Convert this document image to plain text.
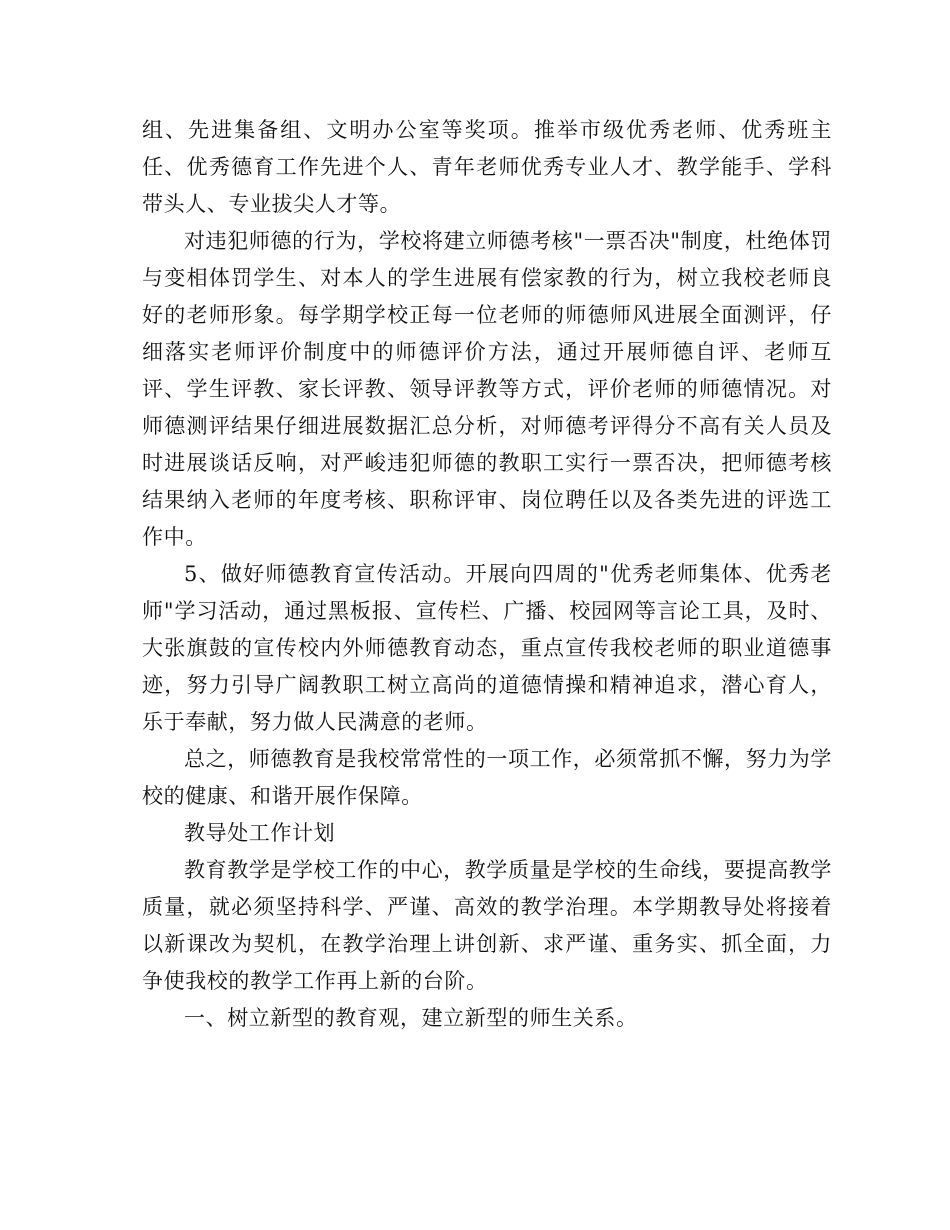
组、先进集备组、文明办公室等奖项。推举市级优秀老师、优秀班主任、优秀德育工作先进个人、青年老师优秀专业人才、教学能手、学科带头人、专业拔尖人才等。

对违犯师德的行为，学校将建立师德考核"一票否决"制度，杜绝体罚与变相体罚学生、对本人的学生进展有偿家教的行为，树立我校老师良好的老师形象。每学期学校正每一位老师的师德师风进展全面测评，仔细落实老师评价制度中的师德评价方法，通过开展师德自评、老师互评、学生评教、家长评教、领导评教等方式，评价老师的师德情况。对师德测评结果仔细进展数据汇总分析，对师德考评得分不高有关人员及时进展谈话反响，对严峻违犯师德的教职工实行一票否决，把师德考核结果纳入老师的年度考核、职称评审、岗位聘任以及各类先进的评选工作中。

5、做好师德教育宣传活动。开展向四周的"优秀老师集体、优秀老师"学习活动，通过黑板报、宣传栏、广播、校园网等言论工具，及时、大张旗鼓的宣传校内外师德教育动态，重点宣传我校老师的职业道德事迹，努力引导广阔教职工树立高尚的道德情操和精神追求，潜心育人，乐于奉献，努力做人民满意的老师。

总之，师德教育是我校常常性的一项工作，必须常抓不懈，努力为学校的健康、和谐开展作保障。

教导处工作计划

教育教学是学校工作的中心，教学质量是学校的生命线，要提高教学质量，就必须坚持科学、严谨、高效的教学治理。本学期教导处将接着以新课改为契机，在教学治理上讲创新、求严谨、重务实、抓全面，力争使我校的教学工作再上新的台阶。

一、树立新型的教育观，建立新型的师生关系。
